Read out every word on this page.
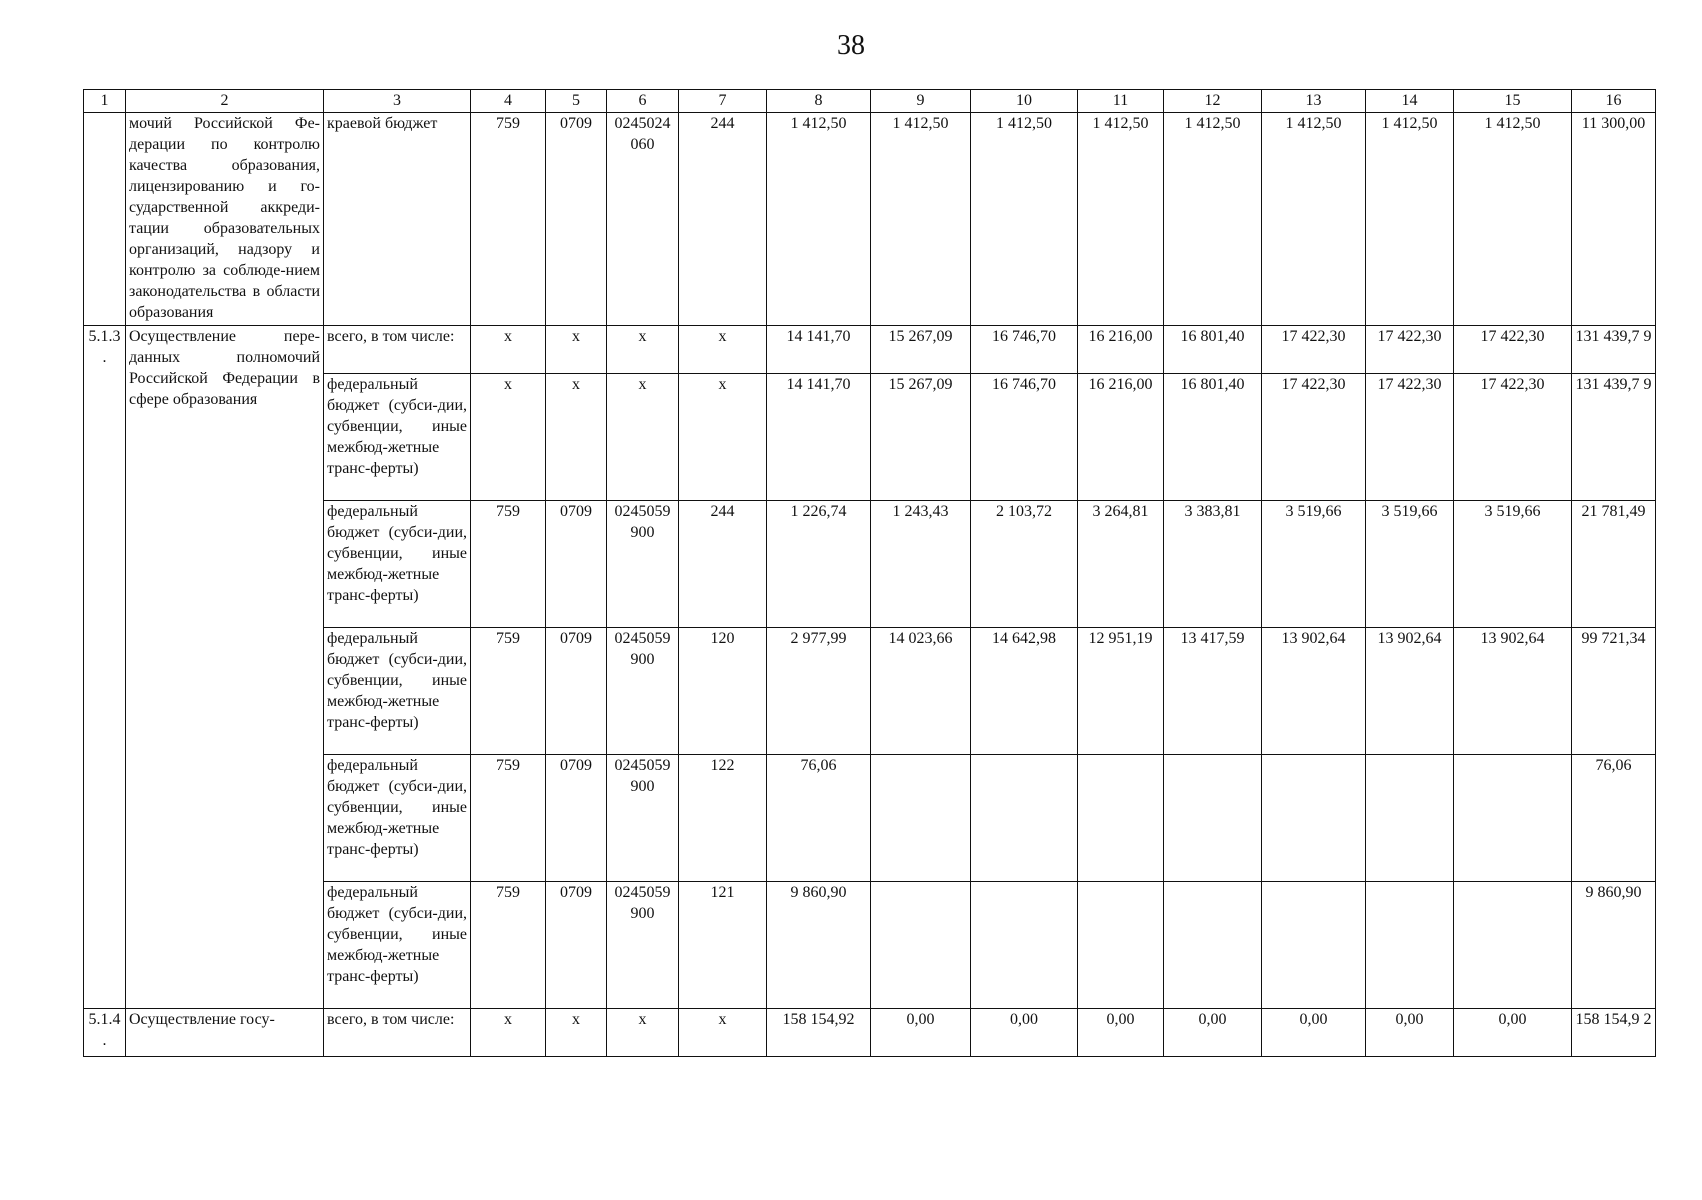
38
1	2	3	4	5	6	7	8	9	10	11	12	13	14	15	16
	мочий Российской Фе-дерации по контролю качества образования, лицензированию и го-сударственной аккреди-тации образовательных организаций, надзору и контролю за соблюде-нием законодательства в области образования	краевой бюджет	759	0709	0245024 060	244	1 412,50	1 412,50	1 412,50	1 412,50	1 412,50	1 412,50	1 412,50	1 412,50	11 300,00
5.1.3 .	Осуществление пере-данных полномочий Российской Федерации в сфере образования	всего, в том числе:	х	х	х	х	14 141,70	15 267,09	16 746,70	16 216,00	16 801,40	17 422,30	17 422,30	17 422,30	131 439,7 9
		федеральный бюджет (субси-дии, субвенции, иные межбюд-жетные транс-ферты)	х	х	х	х	14 141,70	15 267,09	16 746,70	16 216,00	16 801,40	17 422,30	17 422,30	17 422,30	131 439,7 9
		федеральный бюджет (субси-дии, субвенции, иные межбюд-жетные транс-ферты)	759	0709	0245059 900	244	1 226,74	1 243,43	2 103,72	3 264,81	3 383,81	3 519,66	3 519,66	3 519,66	21 781,49
		федеральный бюджет (субси-дии, субвенции, иные межбюд-жетные транс-ферты)	759	0709	0245059 900	120	2 977,99	14 023,66	14 642,98	12 951,19	13 417,59	13 902,64	13 902,64	13 902,64	99 721,34
		федеральный бюджет (субси-дии, субвенции, иные межбюд-жетные транс-ферты)	759	0709	0245059 900	122	76,06								76,06
		федеральный бюджет (субси-дии, субвенции, иные межбюд-жетные транс-ферты)	759	0709	0245059 900	121	9 860,90								9 860,90
5.1.4 .	Осуществление госу-	всего, в том числе:	х	х	х	х	158 154,92	0,00	0,00	0,00	0,00	0,00	0,00	0,00	158 154,9 2
